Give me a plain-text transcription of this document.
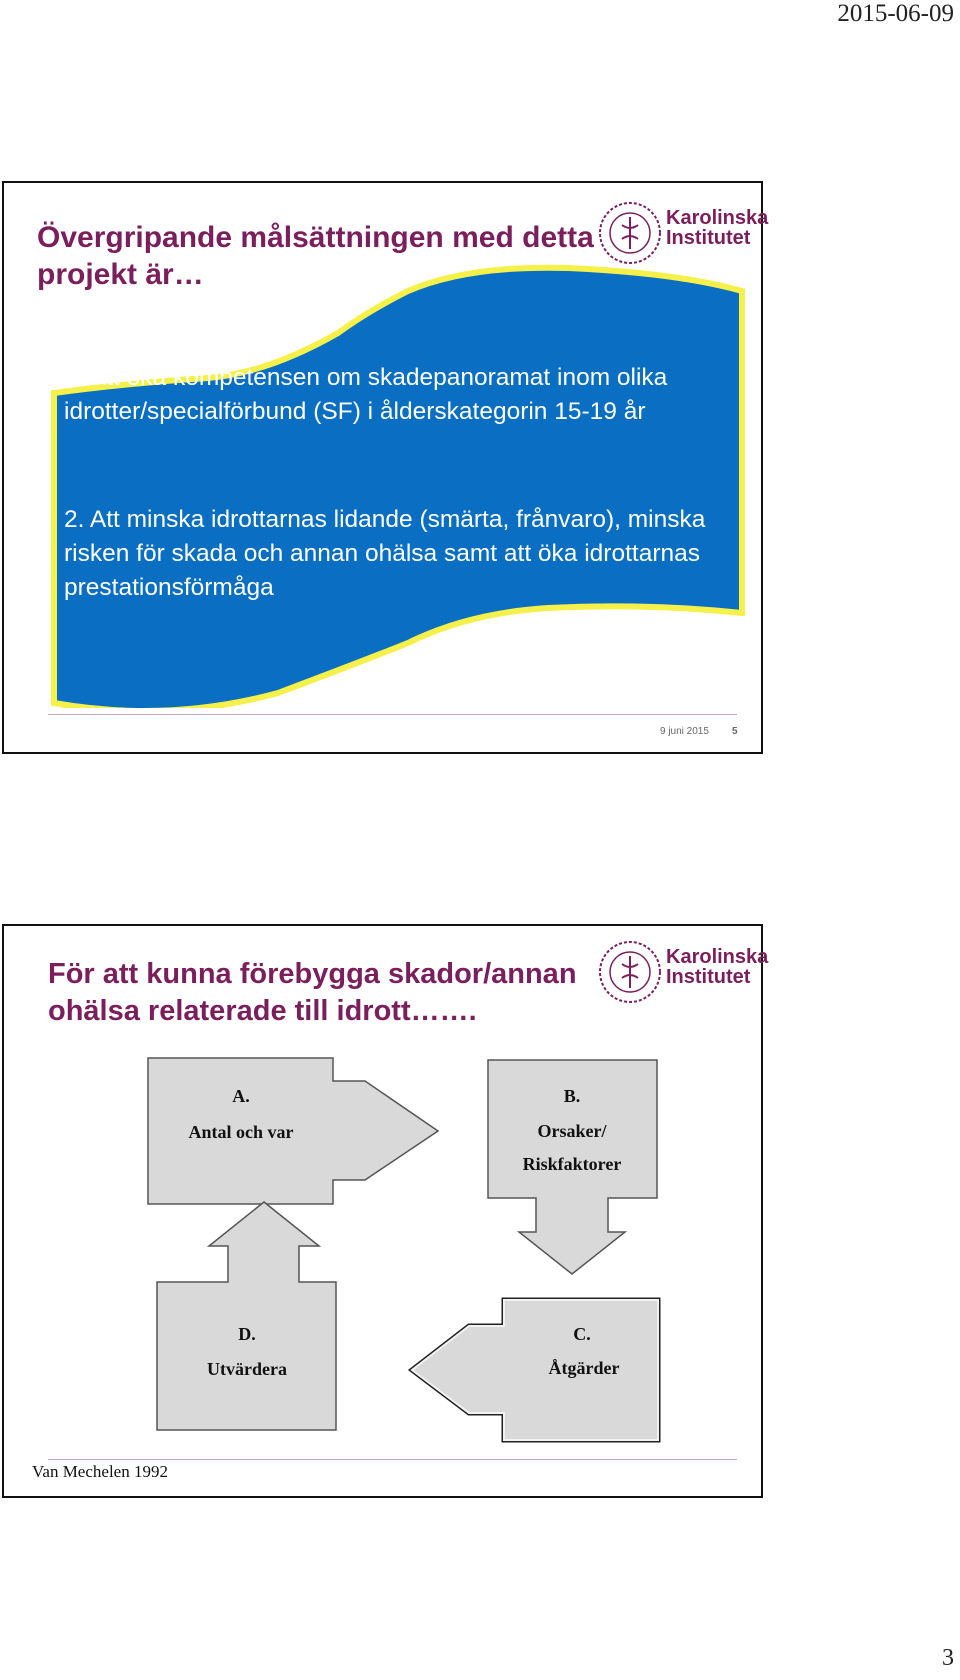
2015-06-09
Övergripande målsättningen med detta projekt är…
Karolinska
Institutet
1. Att öka kompetensen om skadepanoramat inom olika idrotter/specialförbund (SF) i ålderskategorin 15-19 år
2. Att minska idrottarnas lidande (smärta, frånvaro), minska risken för skada och annan ohälsa samt att öka idrottarnas prestationsförmåga
9 juni 2015 5
För att kunna förebygga skador/annan ohälsa relaterade till idrott…….
Karolinska
Institutet
A.
Antal och var
B.
Orsaker/
Riskfaktorer
C.
Åtgärder
D.
Utvärdera
Van Mechelen 1992
3
